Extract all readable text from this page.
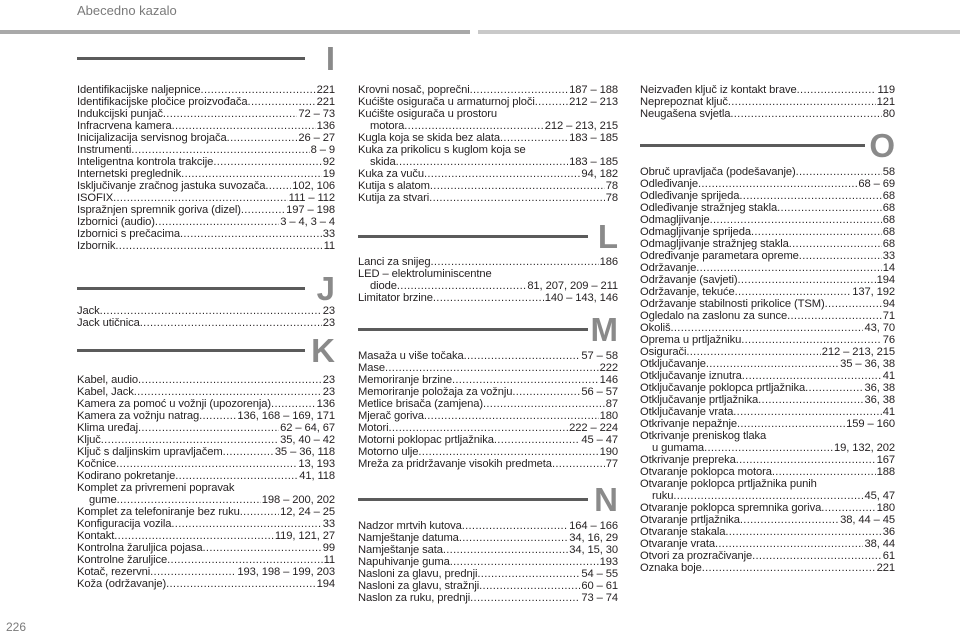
Abecedno kazalo
226
I
Identifikacijske naljepnice .....	221
Identifikacijske pločice proizvođača .....	221
Indukcijski punjač .....	72 – 73
Infracrvena kamera .....	136
Inicijalizacija servisnog brojača .....	26 – 27
Instrumenti .....	8 – 9
Inteligentna kontrola trakcije .....	92
Internetski preglednik .....	19
Isključivanje zračnog jastuka suvozača ..... 102, 106
ISOFIX .....	111 – 112
Ispražnjen spremnik goriva (dizel) .....	197 – 198
Izbornici (audio) .....	3 – 4, 3 – 4
Izbornici s prečacima .....	33
Izbornik .....	11
J
Jack .....	23
Jack utičnica .....	23
K
Kabel, audio .....	23
Kabel, Jack .....	23
Kamera za pomoć u vožnji (upozorenja) .....	136
Kamera za vožnju natrag .....	136, 168 – 169, 171
Klima uređaj .....	62 – 64, 67
Ključ .....	35, 40 – 42
Ključ s daljinskim upravljačem .....	35 – 36, 118
Kočnice .....	13, 193
Kodirano pokretanje .....	41, 118
Komplet za privremeni popravak
gume .....	198 – 200, 202
Komplet za telefoniranje bez ruku .....	12, 24 – 25
Konfiguracija vozila .....	33
Kontakt .....	119, 121, 27
Kontrolna žaruljica pojasa .....	99
Kontrolne žaruljice .....	11
Kotač, rezervni .....	193, 198 – 199, 203
Koža (održavanje) .....	194
Krovni nosač, poprečni .....	187 – 188
Kućište osigurača u armaturnoj ploči .....	212 – 213
Kućište osigurača u prostoru
motora .....	212 – 213, 215
Kuglа koja se skida bez alata .....	183 – 185
Kuka za prikolicu s kuglom koja se
skida .....	183 – 185
Kuka za vuču .....	94, 182
Kutija s alatom .....	78
Kutija za stvari .....	78
L
Lanci za snijeg .....	186
LED – elektroluminiscentne
diode .....	81, 207, 209 – 211
Limitator brzine .....	140 – 143, 146
M
Masaža u više točaka .....	57 – 58
Mase .....	222
Memoriranje brzine .....	146
Memoriranje položaja za vožnju .....	56 – 57
Metlice brisača (zamjena) .....	87
Mjerač goriva .....	180
Motori .....	222 – 224
Motorni poklopac prtljažnika .....	45 – 47
Motorno ulje .....	190
Mreža za pridržavanje visokih predmeta .....	77
N
Nadzor mrtvih kutova .....	164 – 166
Namještanje datuma .....	34, 16, 29
Namještanje sata .....	34, 15, 30
Napuhivanje guma .....	193
Nasloni za glavu, prednji .....	54 – 55
Nasloni za glavu, stražnji .....	60 – 61
Naslon za ruku, prednji .....	73 – 74
Neizvađen ključ iz kontakt brave .....	119
Neprepoznat ključ .....	121
Neugašena svjetla .....	80
O
Obruč upravljača (podešavanje) .....	58
Odleđivanje .....	68 – 69
Odleđivanje sprijeda .....	68
Odleđivanje stražnjeg stakla .....	68
Odmagljivanje .....	68
Odmagljivanje sprijeda .....	68
Odmagljivanje stražnjeg stakla .....	68
Određivanje parametara opreme .....	33
Održavanje .....	14
Održavanje (savjeti) .....	194
Održavanje, tekuće .....	137, 192
Održavanje stabilnosti prikolice (TSM) .....	94
Ogledalo na zaslonu za sunce .....	71
Okoliš .....	43, 70
Oprema u prtljažniku .....	76
Osigurači .....	212 – 213, 215
Otključavanje .....	35 – 36, 38
Otključavanje iznutra .....	41
Otključavanje poklopca prtljažnika .....	36, 38
Otključavanje prtljažnika .....	36, 38
Otključavanje vrata .....	41
Otkrivanje nepažnje .....	159 – 160
Otkrivanje preniskog tlaka
u gumama .....	19, 132, 202
Otkrivanje prepreka .....	167
Otvaranje poklopca motora .....	188
Otvaranje poklopca prtljažnika punih
ruku .....	45, 47
Otvaranje poklopca spremnika goriva .....	180
Otvaranje prtljažnika .....	38, 44 – 45
Otvaranje stakala .....	36
Otvaranje vrata .....	38, 44
Otvori za prozračivanje .....	61
Oznaka boje .....	221
